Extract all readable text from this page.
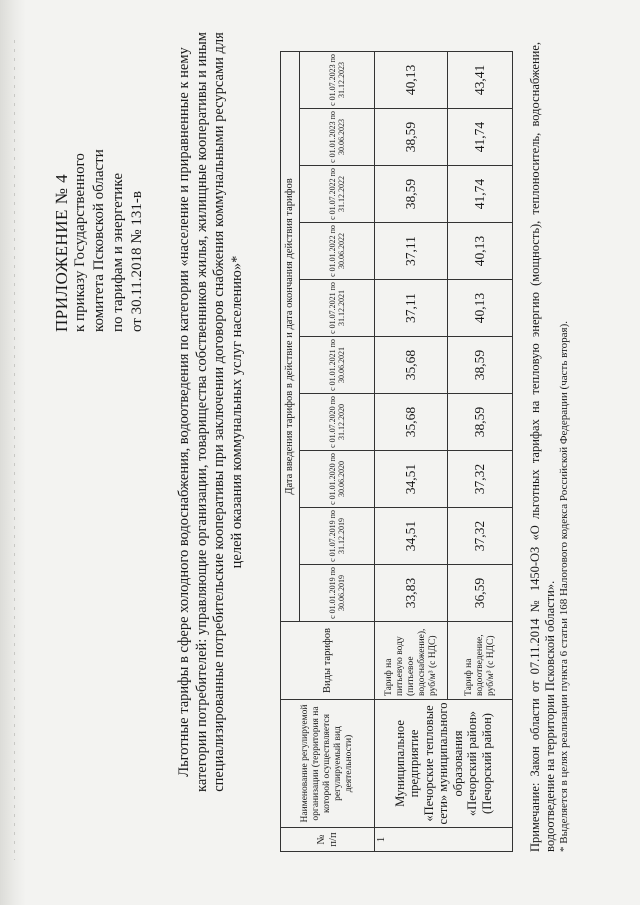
ПРИЛОЖЕНИЕ № 4 к приказу Государственного комитета Псковской области по тарифам и энергетике от 30.11.2018 № 131-в Льготные тарифы в сфере холодного водоснабжения, водоотведения по категории «население и приравненные к нему категории потребителей: управляющие организации, товарищества собственников жилья, жилищные кооперативы и иным специализированные потребительские кооперативы при заключении договоров снабжения коммунальными ресурсами для целей оказания коммунальных услуг населению»*
№ п/п	Наименование регулируемой организации (территория на которой осуществляется регулируемый вид деятельности)	Виды тарифов	Дата введения тарифов в действие и дата окончания действия тарифов									
			с 01.01.2019 по 30.06.2019	с 01.07.2019 по 31.12.2019	с 01.01.2020 по 30.06.2020	с 01.07.2020 по 31.12.2020	с 01.01.2021 по 30.06.2021	с 01.07.2021 по 31.12.2021	с 01.01.2022 по 30.06.2022	с 01.07.2022 по 31.12.2022	с 01.01.2023 по 30.06.2023	с 01.07.2023 по 31.12.2023
1	Муниципальное предприятие «Печорские тепловые сети» муниципального образования «Печорский район» (Печорский район)	Тариф на питьевую воду (питьевое водоснабжение), руб/м³ (с НДС)	33,83	34,51	34,51	35,68	35,68	37,11	37,11	38,59	38,59	40,13
		Тариф на водоотведение, руб/м³ (с НДС)	36,59	37,32	37,32	38,59	38,59	40,13	40,13	41,74	41,74	43,41	Примечание: Закон области от 07.11.2014 № 1450-ОЗ «О льготных тарифах на тепловую энергию (мощность), теплоноситель, водоснабжение, водоотведение на территории Псковской области». * Выделяется в целях реализации пункта 6 статьи 168 Налогового кодекса Российской Федерации (часть вторая).
